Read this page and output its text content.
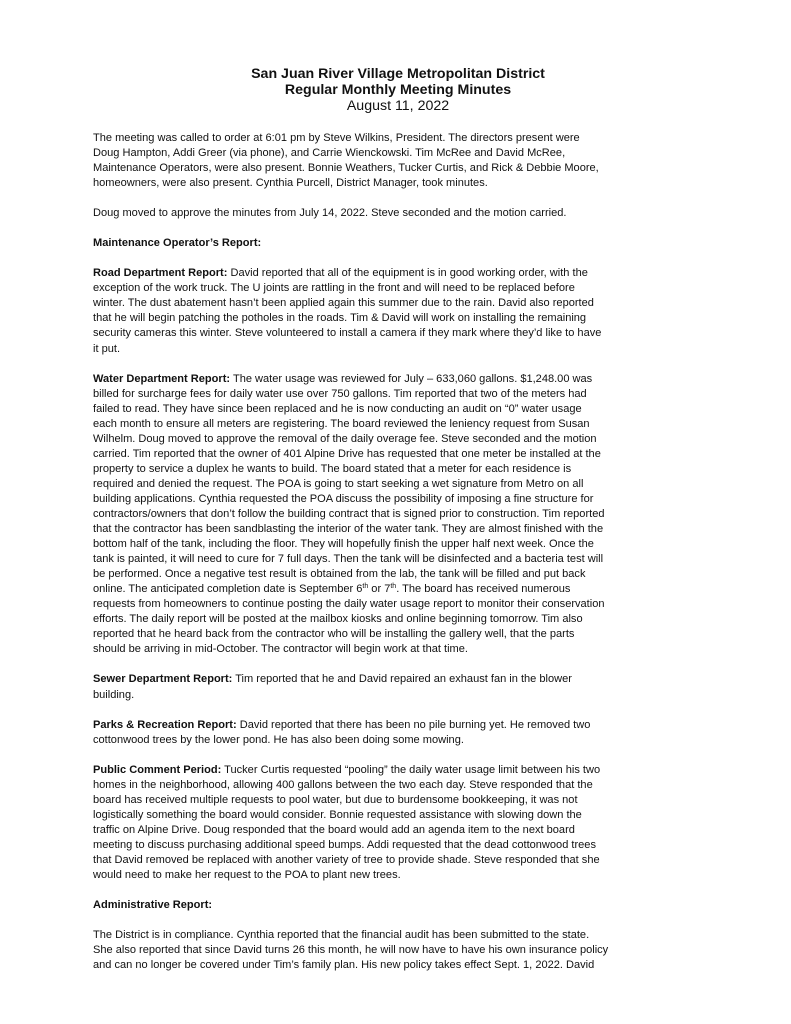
San Juan River Village Metropolitan District
Regular Monthly Meeting Minutes
August 11, 2022

The meeting was called to order at 6:01 pm by Steve Wilkins, President. The directors present were

Doug Hampton, Addi Greer (via phone), and Carrie Wienckowski. Tim McRee and David McRee,

Maintenance Operators, were also present. Bonnie Weathers, Tucker Curtis, and Rick & Debbie Moore,

homeowners, were also present. Cynthia Purcell, District Manager, took minutes.

Doug moved to approve the minutes from July 14, 2022. Steve seconded and the motion carried.

Maintenance Operator’s Report:

Road Department Report: David reported that all of the equipment is in good working order, with the

exception of the work truck. The U joints are rattling in the front and will need to be replaced before

winter. The dust abatement hasn’t been applied again this summer due to the rain. David also reported

that he will begin patching the potholes in the roads. Tim & David will work on installing the remaining

security cameras this winter. Steve volunteered to install a camera if they mark where they’d like to have

it put.

Water Department Report: The water usage was reviewed for July – 633,060 gallons. $1,248.00 was

billed for surcharge fees for daily water use over 750 gallons. Tim reported that two of the meters had

failed to read. They have since been replaced and he is now conducting an audit on “0” water usage

each month to ensure all meters are registering. The board reviewed the leniency request from Susan

Wilhelm. Doug moved to approve the removal of the daily overage fee. Steve seconded and the motion

carried. Tim reported that the owner of 401 Alpine Drive has requested that one meter be installed at the

property to service a duplex he wants to build. The board stated that a meter for each residence is

required and denied the request. The POA is going to start seeking a wet signature from Metro on all

building applications. Cynthia requested the POA discuss the possibility of imposing a fine structure for

contractors/owners that don’t follow the building contract that is signed prior to construction. Tim reported

that the contractor has been sandblasting the interior of the water tank. They are almost finished with the

bottom half of the tank, including the floor. They will hopefully finish the upper half next week. Once the

tank is painted, it will need to cure for 7 full days. Then the tank will be disinfected and a bacteria test will

be performed. Once a negative test result is obtained from the lab, the tank will be filled and put back

online. The anticipated completion date is September 6th or 7th. The board has received numerous

requests from homeowners to continue posting the daily water usage report to monitor their conservation

efforts. The daily report will be posted at the mailbox kiosks and online beginning tomorrow. Tim also

reported that he heard back from the contractor who will be installing the gallery well, that the parts

should be arriving in mid-October. The contractor will begin work at that time.

Sewer Department Report: Tim reported that he and David repaired an exhaust fan in the blower

building.

Parks & Recreation Report: David reported that there has been no pile burning yet. He removed two

cottonwood trees by the lower pond. He has also been doing some mowing.

Public Comment Period: Tucker Curtis requested “pooling” the daily water usage limit between his two

homes in the neighborhood, allowing 400 gallons between the two each day. Steve responded that the

board has received multiple requests to pool water, but due to burdensome bookkeeping, it was not

logistically something the board would consider. Bonnie requested assistance with slowing down the

traffic on Alpine Drive. Doug responded that the board would add an agenda item to the next board

meeting to discuss purchasing additional speed bumps. Addi requested that the dead cottonwood trees

that David removed be replaced with another variety of tree to provide shade. Steve responded that she

would need to make her request to the POA to plant new trees.

Administrative Report:

The District is in compliance. Cynthia reported that the financial audit has been submitted to the state.

She also reported that since David turns 26 this month, he will now have to have his own insurance policy

and can no longer be covered under Tim’s family plan. His new policy takes effect Sept. 1, 2022. David
